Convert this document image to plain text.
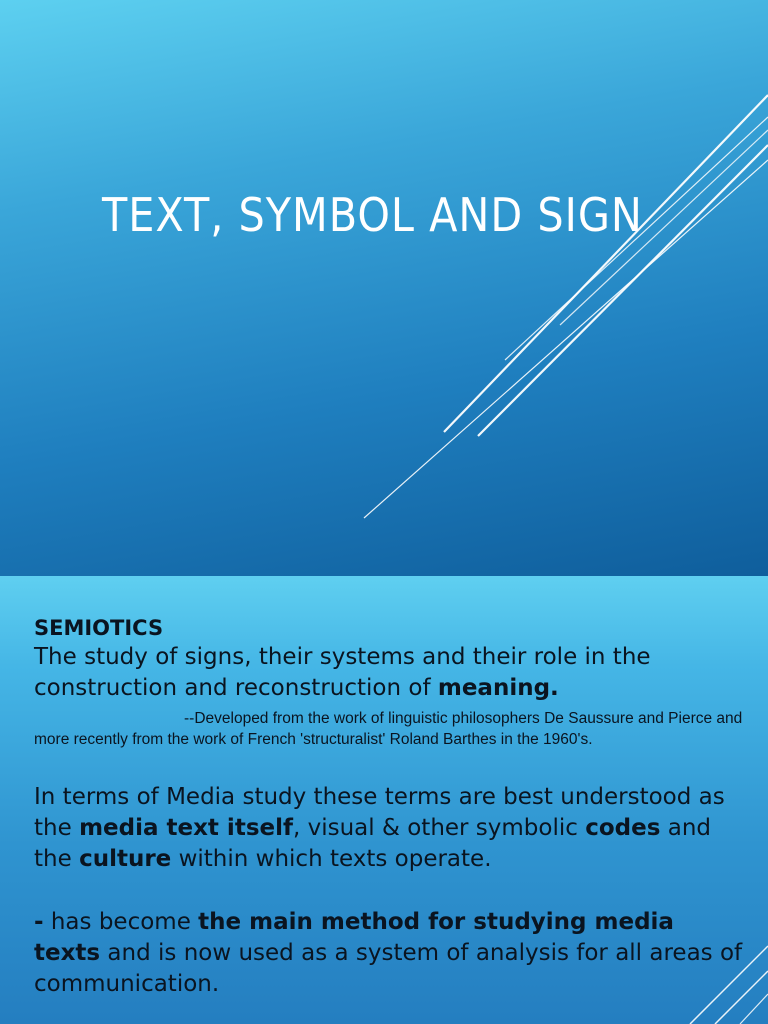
TEXT, SYMBOL AND SIGN

SEMIOTICS

The study of signs, their systems and their role in the construction and reconstruction of meaning.

--Developed from the work of linguistic philosophers De Saussure and Pierce and more recently from the work of French 'structuralist' Roland Barthes in the 1960's.

In terms of Media study these terms are best understood as the media text itself, visual & other symbolic codes and the culture within which texts operate.

- has become the main method for studying media texts and is now used as a system of analysis for all areas of communication.
